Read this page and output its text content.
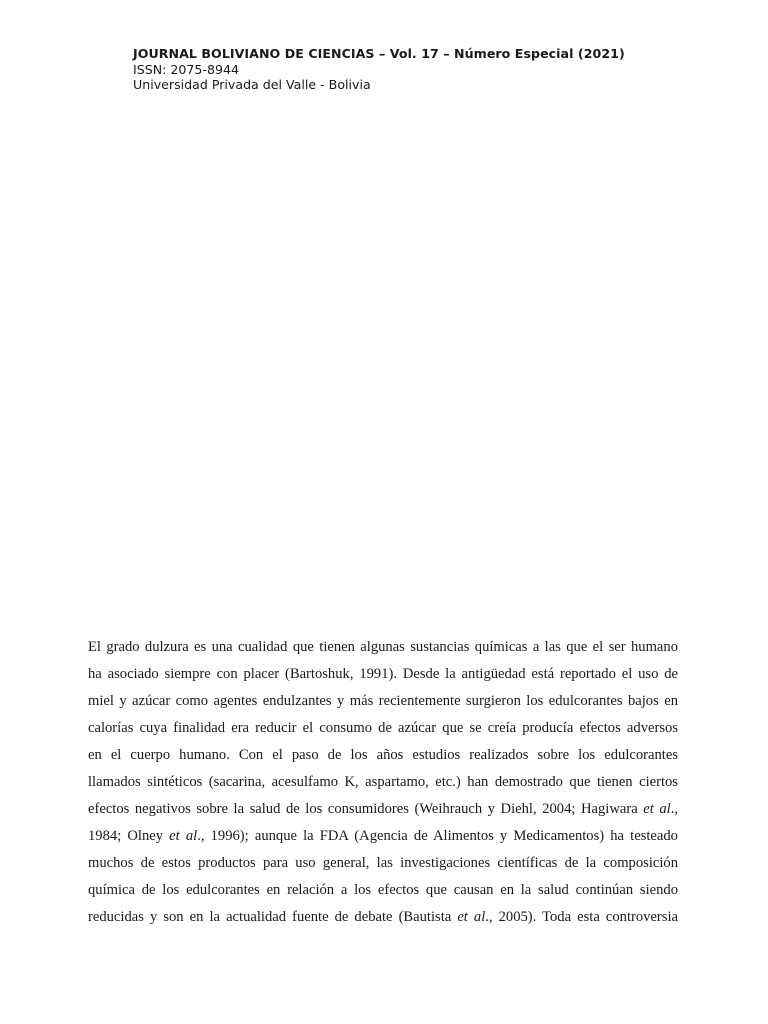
JOURNAL BOLIVIANO DE CIENCIAS – Vol. 17 – Número Especial (2021)
ISSN: 2075-8944
Universidad Privada del Valle - Bolivia
El grado dulzura es una cualidad que tienen algunas sustancias químicas a las que el ser humano
ha asociado siempre con placer (Bartoshuk, 1991). Desde la antigüedad está reportado el uso de
miel y azúcar como agentes endulzantes y más recientemente surgieron los edulcorantes bajos en
calorías cuya finalidad era reducir el consumo de azúcar que se creía producía efectos adversos
en el cuerpo humano. Con el paso de los años estudios realizados sobre los edulcorantes
llamados sintéticos (sacarina, acesulfamo K, aspartamo, etc.) han demostrado que tienen ciertos
efectos negativos sobre la salud de los consumidores (Weihrauch y Diehl, 2004; Hagiwara et al.,
1984; Olney et al., 1996); aunque la FDA (Agencia de Alimentos y Medicamentos) ha testeado
muchos de estos productos para uso general, las investigaciones científicas de la composición
química de los edulcorantes en relación a los efectos que causan en la salud continúan siendo
reducidas y son en la actualidad fuente de debate (Bautista et al., 2005). Toda esta controversia
